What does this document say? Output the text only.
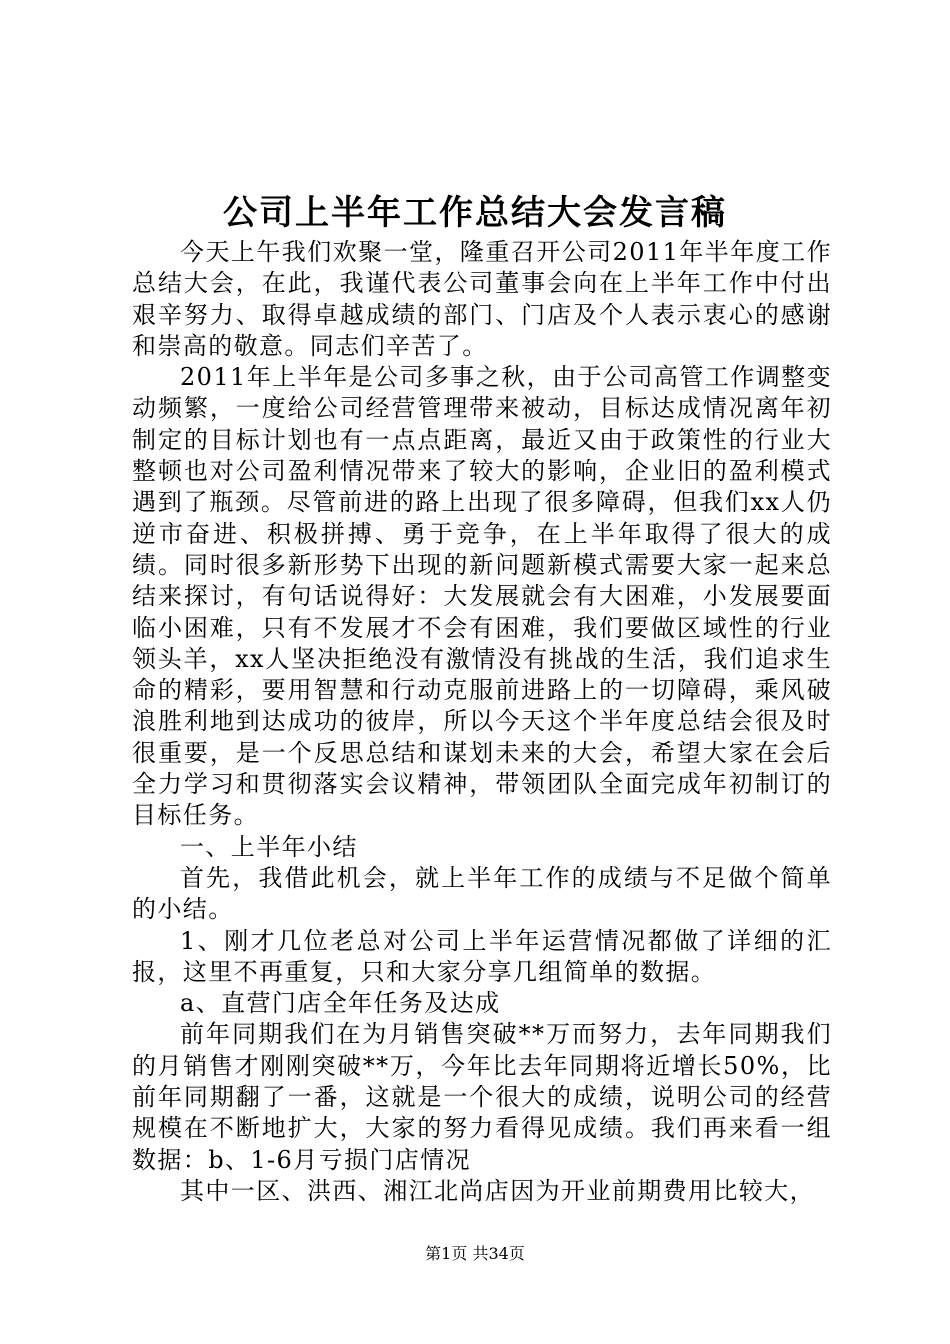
公司上半年工作总结大会发言稿

今天上午我们欢聚一堂，隆重召开公司2011年半年度工作总结大会，在此，我谨代表公司董事会向在上半年工作中付出艰辛努力、取得卓越成绩的部门、门店及个人表示衷心的感谢和崇高的敬意。同志们辛苦了。

2011年上半年是公司多事之秋，由于公司高管工作调整变动频繁，一度给公司经营管理带来被动，目标达成情况离年初制定的目标计划也有一点点距离，最近又由于政策性的行业大整顿也对公司盈利情况带来了较大的影响，企业旧的盈利模式遇到了瓶颈。尽管前进的路上出现了很多障碍，但我们xx人仍逆市奋进、积极拼搏、勇于竞争，在上半年取得了很大的成绩。同时很多新形势下出现的新问题新模式需要大家一起来总结来探讨，有句话说得好：大发展就会有大困难，小发展要面临小困难，只有不发展才不会有困难，我们要做区域性的行业领头羊，xx人坚决拒绝没有激情没有挑战的生活，我们追求生命的精彩，要用智慧和行动克服前进路上的一切障碍，乘风破浪胜利地到达成功的彼岸，所以今天这个半年度总结会很及时很重要，是一个反思总结和谋划未来的大会，希望大家在会后全力学习和贯彻落实会议精神，带领团队全面完成年初制订的目标任务。

一、上半年小结

首先，我借此机会，就上半年工作的成绩与不足做个简单的小结。

1、刚才几位老总对公司上半年运营情况都做了详细的汇报，这里不再重复，只和大家分享几组简单的数据。

a、直营门店全年任务及达成

前年同期我们在为月销售突破**万而努力，去年同期我们的月销售才刚刚突破**万，今年比去年同期将近增长50%，比前年同期翻了一番，这就是一个很大的成绩，说明公司的经营规模在不断地扩大，大家的努力看得见成绩。我们再来看一组数据：b、1-6月亏损门店情况

其中一区、洪西、湘江北尚店因为开业前期费用比较大，

第1页 共34页
